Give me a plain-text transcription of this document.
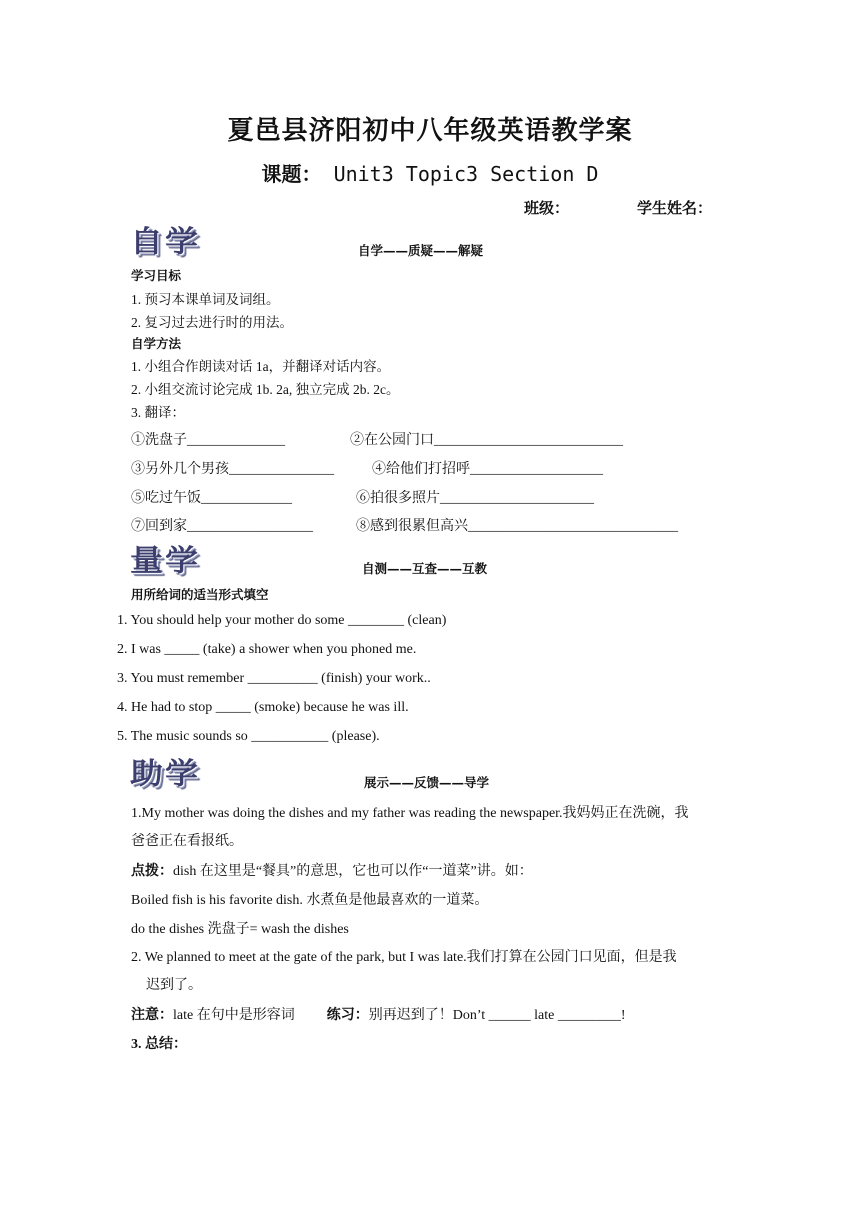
夏邑县济阳初中八年级英语教学案
课题： Unit3 Topic3 Section D
班级：	学生姓名：
自学	自学——质疑——解疑
学习目标
1. 预习本课单词及词组。
2. 复习过去进行时的用法。
自学方法
1. 小组合作朗读对话 1a，并翻译对话内容。
2. 小组交流讨论完成 1b. 2a, 独立完成 2b. 2c。
3. 翻译：
①洗盘子______________	②在公园门口___________________________
③另外几个男孩_______________	④给他们打招呼___________________
⑤吃过午饭_____________	⑥拍很多照片______________________
⑦回到家__________________	⑧感到很累但高兴______________________________
量学	自测——互查——互教
用所给词的适当形式填空
1. You should help your mother do some ________ (clean)
2. I was _____ (take) a shower when you phoned me.
3. You must remember __________ (finish) your work..
4. He had to stop _____ (smoke) because he was ill.
5. The music sounds so ___________ (please).
助学	展示——反馈——导学
1.My mother was doing the dishes and my father was reading the newspaper.我妈妈正在洗碗，我
爸爸正在看报纸。
点拨：dish 在这里是“餐具”的意思，它也可以作“一道菜”讲。如：
Boiled fish is his favorite dish. 水煮鱼是他最喜欢的一道菜。
do the dishes 洗盘子= wash the dishes
2. We planned to meet at the gate of the park, but I was late.我们打算在公园门口见面，但是我
迟到了。
注意：late 在句中是形容词 练习：别再迟到了！Don’t ______ late _________!
3. 总结：
